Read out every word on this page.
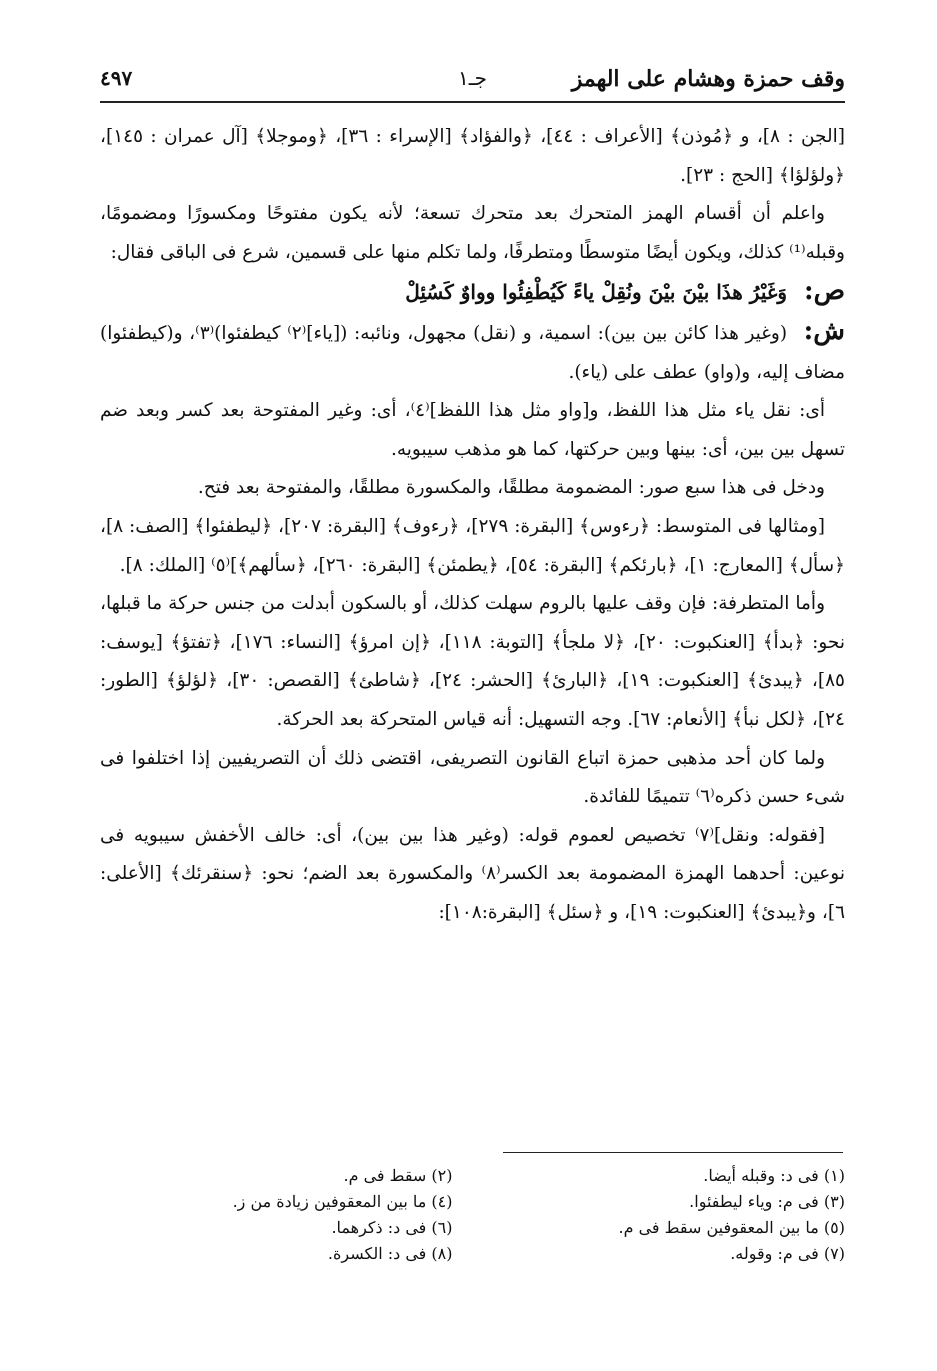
وقف حمزة وهشام على الهمز
جـ١
٤٩٧

[الجن : ٨]، و ﴿مُوذن﴾ [الأعراف : ٤٤]، ﴿والفؤاد﴾ [الإسراء : ٣٦]، ﴿وموجلا﴾ [آل عمران : ١٤٥]، ﴿ولؤلؤا﴾ [الحج : ٢٣].

واعلم أن أقسام الهمز المتحرك بعد متحرك تسعة؛ لأنه يكون مفتوحًا ومكسورًا ومضمومًا، وقبله⁽¹⁾ كذلك، ويكون أيضًا متوسطًا ومتطرفًا، ولما تكلم منها على قسمين، شرع فى الباقى فقال:

ص: وَغَيْرُ هذَا بيْنَ بيْنَ ونُقِلْ ياءً كَيُطْفِئُوا وواوٌ كَسُئِلْ

ش: (وغير هذا كائن بين بين): اسمية، و (نقل) مجهول، ونائبه: ([ياء]⁽٢⁾ كيطفئوا)⁽٣⁾، و(كيطفئوا) مضاف إليه، و(واو) عطف على (ياء).

أى: نقل ياء مثل هذا اللفظ، و[واو مثل هذا اللفظ]⁽٤⁾، أى: وغير المفتوحة بعد كسر وبعد ضم تسهل بين بين، أى: بينها وبين حركتها، كما هو مذهب سيبويه.

ودخل فى هذا سبع صور: المضمومة مطلقًا، والمكسورة مطلقًا، والمفتوحة بعد فتح.

[ومثالها فى المتوسط: ﴿رءوس﴾ [البقرة: ٢٧٩]، ﴿رءوف﴾ [البقرة: ٢٠٧]، ﴿ليطفئوا﴾ [الصف: ٨]، ﴿سأل﴾ [المعارج: ١]، ﴿بارئكم﴾ [البقرة: ٥٤]، ﴿يطمئن﴾ [البقرة: ٢٦٠]، ﴿سألهم﴾]⁽٥⁾ [الملك: ٨].

وأما المتطرفة: فإن وقف عليها بالروم سهلت كذلك، أو بالسكون أبدلت من جنس حركة ما قبلها، نحو: ﴿بدأ﴾ [العنكبوت: ٢٠]، ﴿لا ملجأ﴾ [التوبة: ١١٨]، ﴿إن امرؤ﴾ [النساء: ١٧٦]، ﴿تفتؤ﴾ [يوسف: ٨٥]، ﴿يبدئ﴾ [العنكبوت: ١٩]، ﴿البارئ﴾ [الحشر: ٢٤]، ﴿شاطئ﴾ [القصص: ٣٠]، ﴿لؤلؤ﴾ [الطور: ٢٤]، ﴿لكل نبأ﴾ [الأنعام: ٦٧]. وجه التسهيل: أنه قياس المتحركة بعد الحركة.

ولما كان أحد مذهبى حمزة اتباع القانون التصريفى، اقتضى ذلك أن التصريفيين إذا اختلفوا فى شىء حسن ذكره⁽٦⁾ تتميمًا للفائدة.

[فقوله: ونقل]⁽٧⁾ تخصيص لعموم قوله: (وغير هذا بين بين)، أى: خالف الأخفش سيبويه فى نوعين: أحدهما الهمزة المضمومة بعد الكسر⁽٨⁾ والمكسورة بعد الضم؛ نحو: ﴿سنقرئك﴾ [الأعلى: ٦]، و﴿يبدئ﴾ [العنكبوت: ١٩]، و ﴿سئل﴾ [البقرة:١٠٨]:

(١) فى د: وقبله أيضا.
(٢) سقط فى م.
(٣) فى م: وياء ليطفئوا.
(٤) ما بين المعقوفين زيادة من ز.
(٥) ما بين المعقوفين سقط فى م.
(٦) فى د: ذكرهما.
(٧) فى م: وقوله.
(٨) فى د: الكسرة.
